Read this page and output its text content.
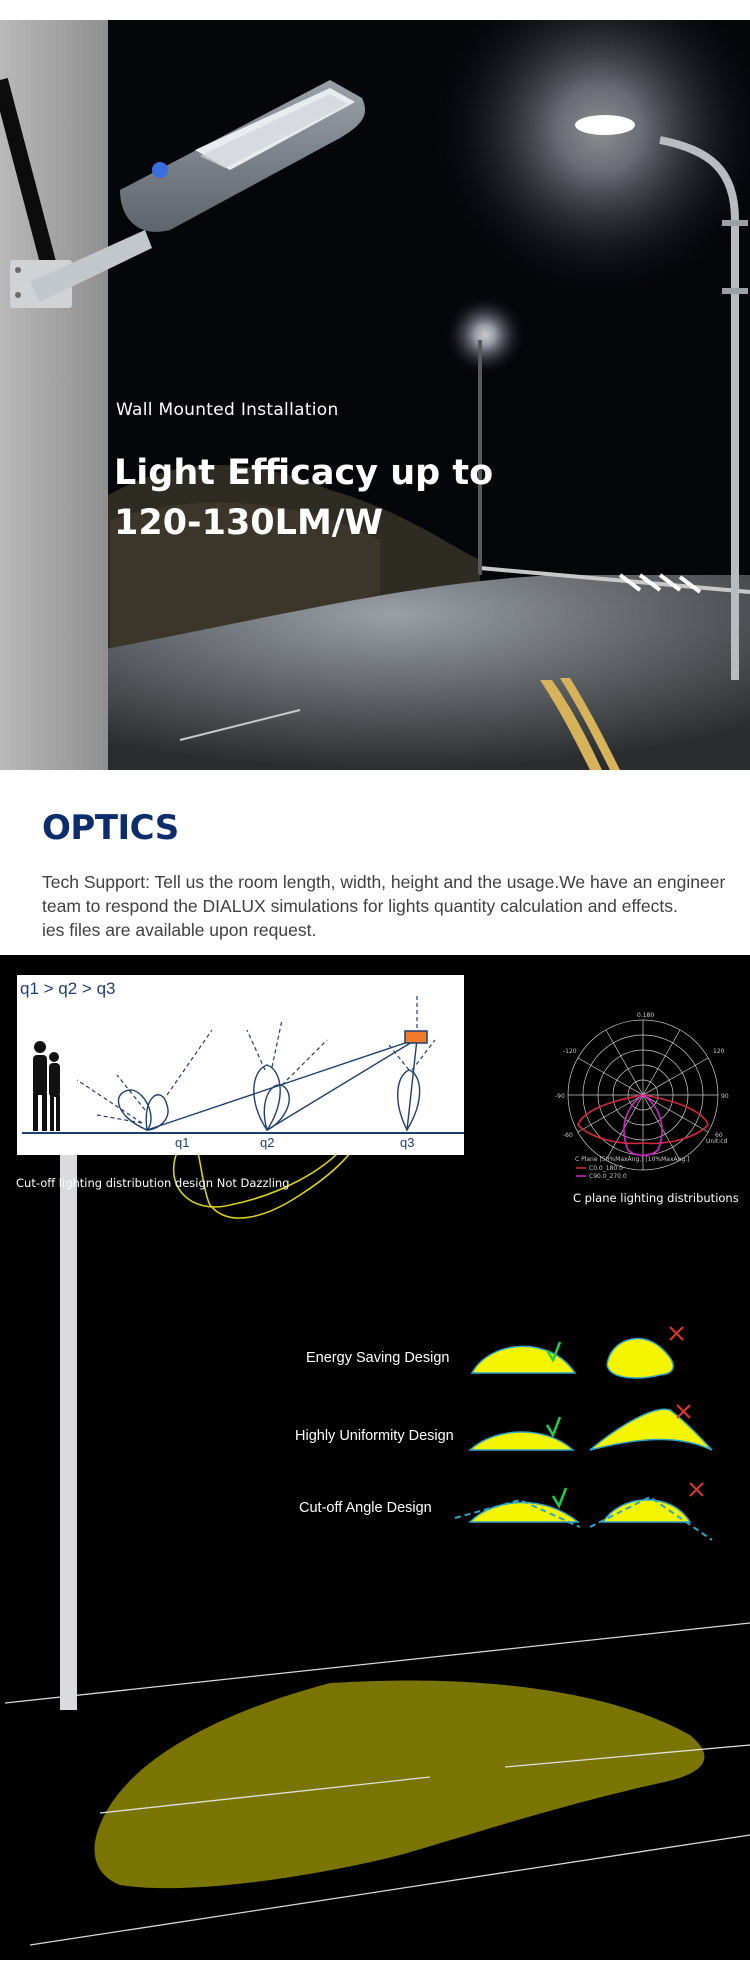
Wall Mounted Installation
Light Efficacy up to
120-130LM/W
OPTICS

Tech Support: Tell us the room length, width, height and the usage.We have an engineer

team to respond the DIALUX simulations for lights quantity calculation and effects.

ies files are available upon request.

0.180
-90	90
-120	120
-60	60
Unit:cd
C Plane [50%MaxAng.] [10%MaxAng.]
C0.0_180.0
C90.0_270.0
q1 > q2 > q3
q1	q2	q3
Cut-off lighting distribution design Not Dazzling
C plane lighting distributions
Energy Saving Design
Highly Uniformity Design
Cut-off Angle Design
